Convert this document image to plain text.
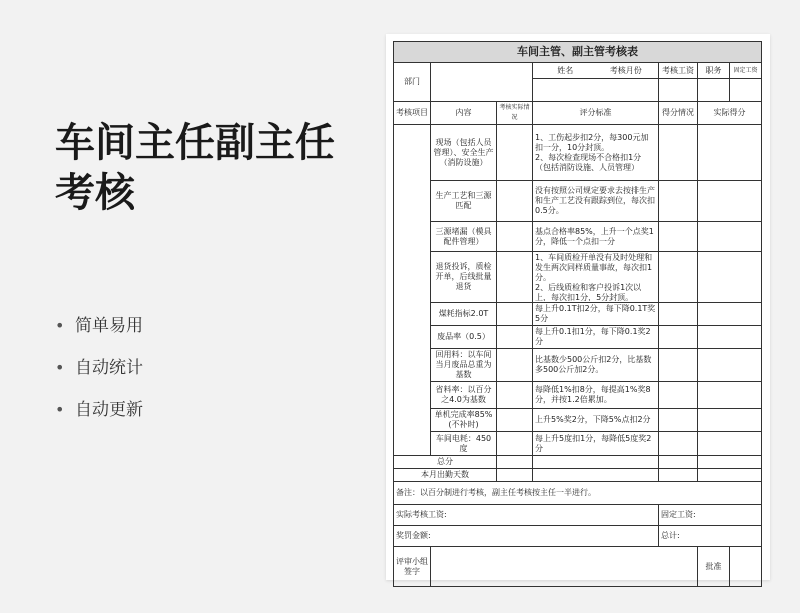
车间主任副主任
考核
• 简单易用
• 自动统计
• 自动更新
车间主管、副主管考核表						
部门			姓名 考核月份	考核工资	职务	固定工资

考核项目	内容	考核实际情况	评分标准	得分情况	实际得分	
	现场（包括人员管理）、安全生产（消防设施）		1、工伤起步扣2分，每300元加扣一分，10分封顶。
2、每次检查现场不合格扣1分（包括消防设施、人员管理）			
	生产工艺和三源匹配		没有按照公司规定要求去按排生产和生产工艺没有跟踪到位，每次扣0.5分。			
	三源堵漏（模具配件管理）		基点合格率85%，上升一个点奖1分，降低一个点扣一分			
	退货投诉，质检开单，后线批量退货		1、车间质检开单没有及时处理和发生两次同样质量事故，每次扣1分。
2、后线质检和客户投诉1次以上，每次扣1分，5分封顶。			

	煤耗指标2.0T		每上升0.1T扣2分，每下降0.1T奖5分			
	废品率（0.5）		每上升0.1扣1分，每下降0.1奖2分			
	回用料：以车间当月废品总重为基数		比基数少500公斤扣2分，比基数多500公斤加2分。			
	省料率：以百分之4.0为基数		每降低1%扣8分，每提高1%奖8分，并按1.2倍累加。			
	单机完成率85%(不补时)		上升5%奖2分，下降5%点扣2分			
	车间电耗：450度		每上升5度扣1分，每降低5度奖2分			
总分						
本月出勤天数						
备注：以百分制进行考核，副主任考核按主任一半进行。						
实际考核工资:				固定工资:		
奖罚金额:				总计:		
评审小组签字					批准	
